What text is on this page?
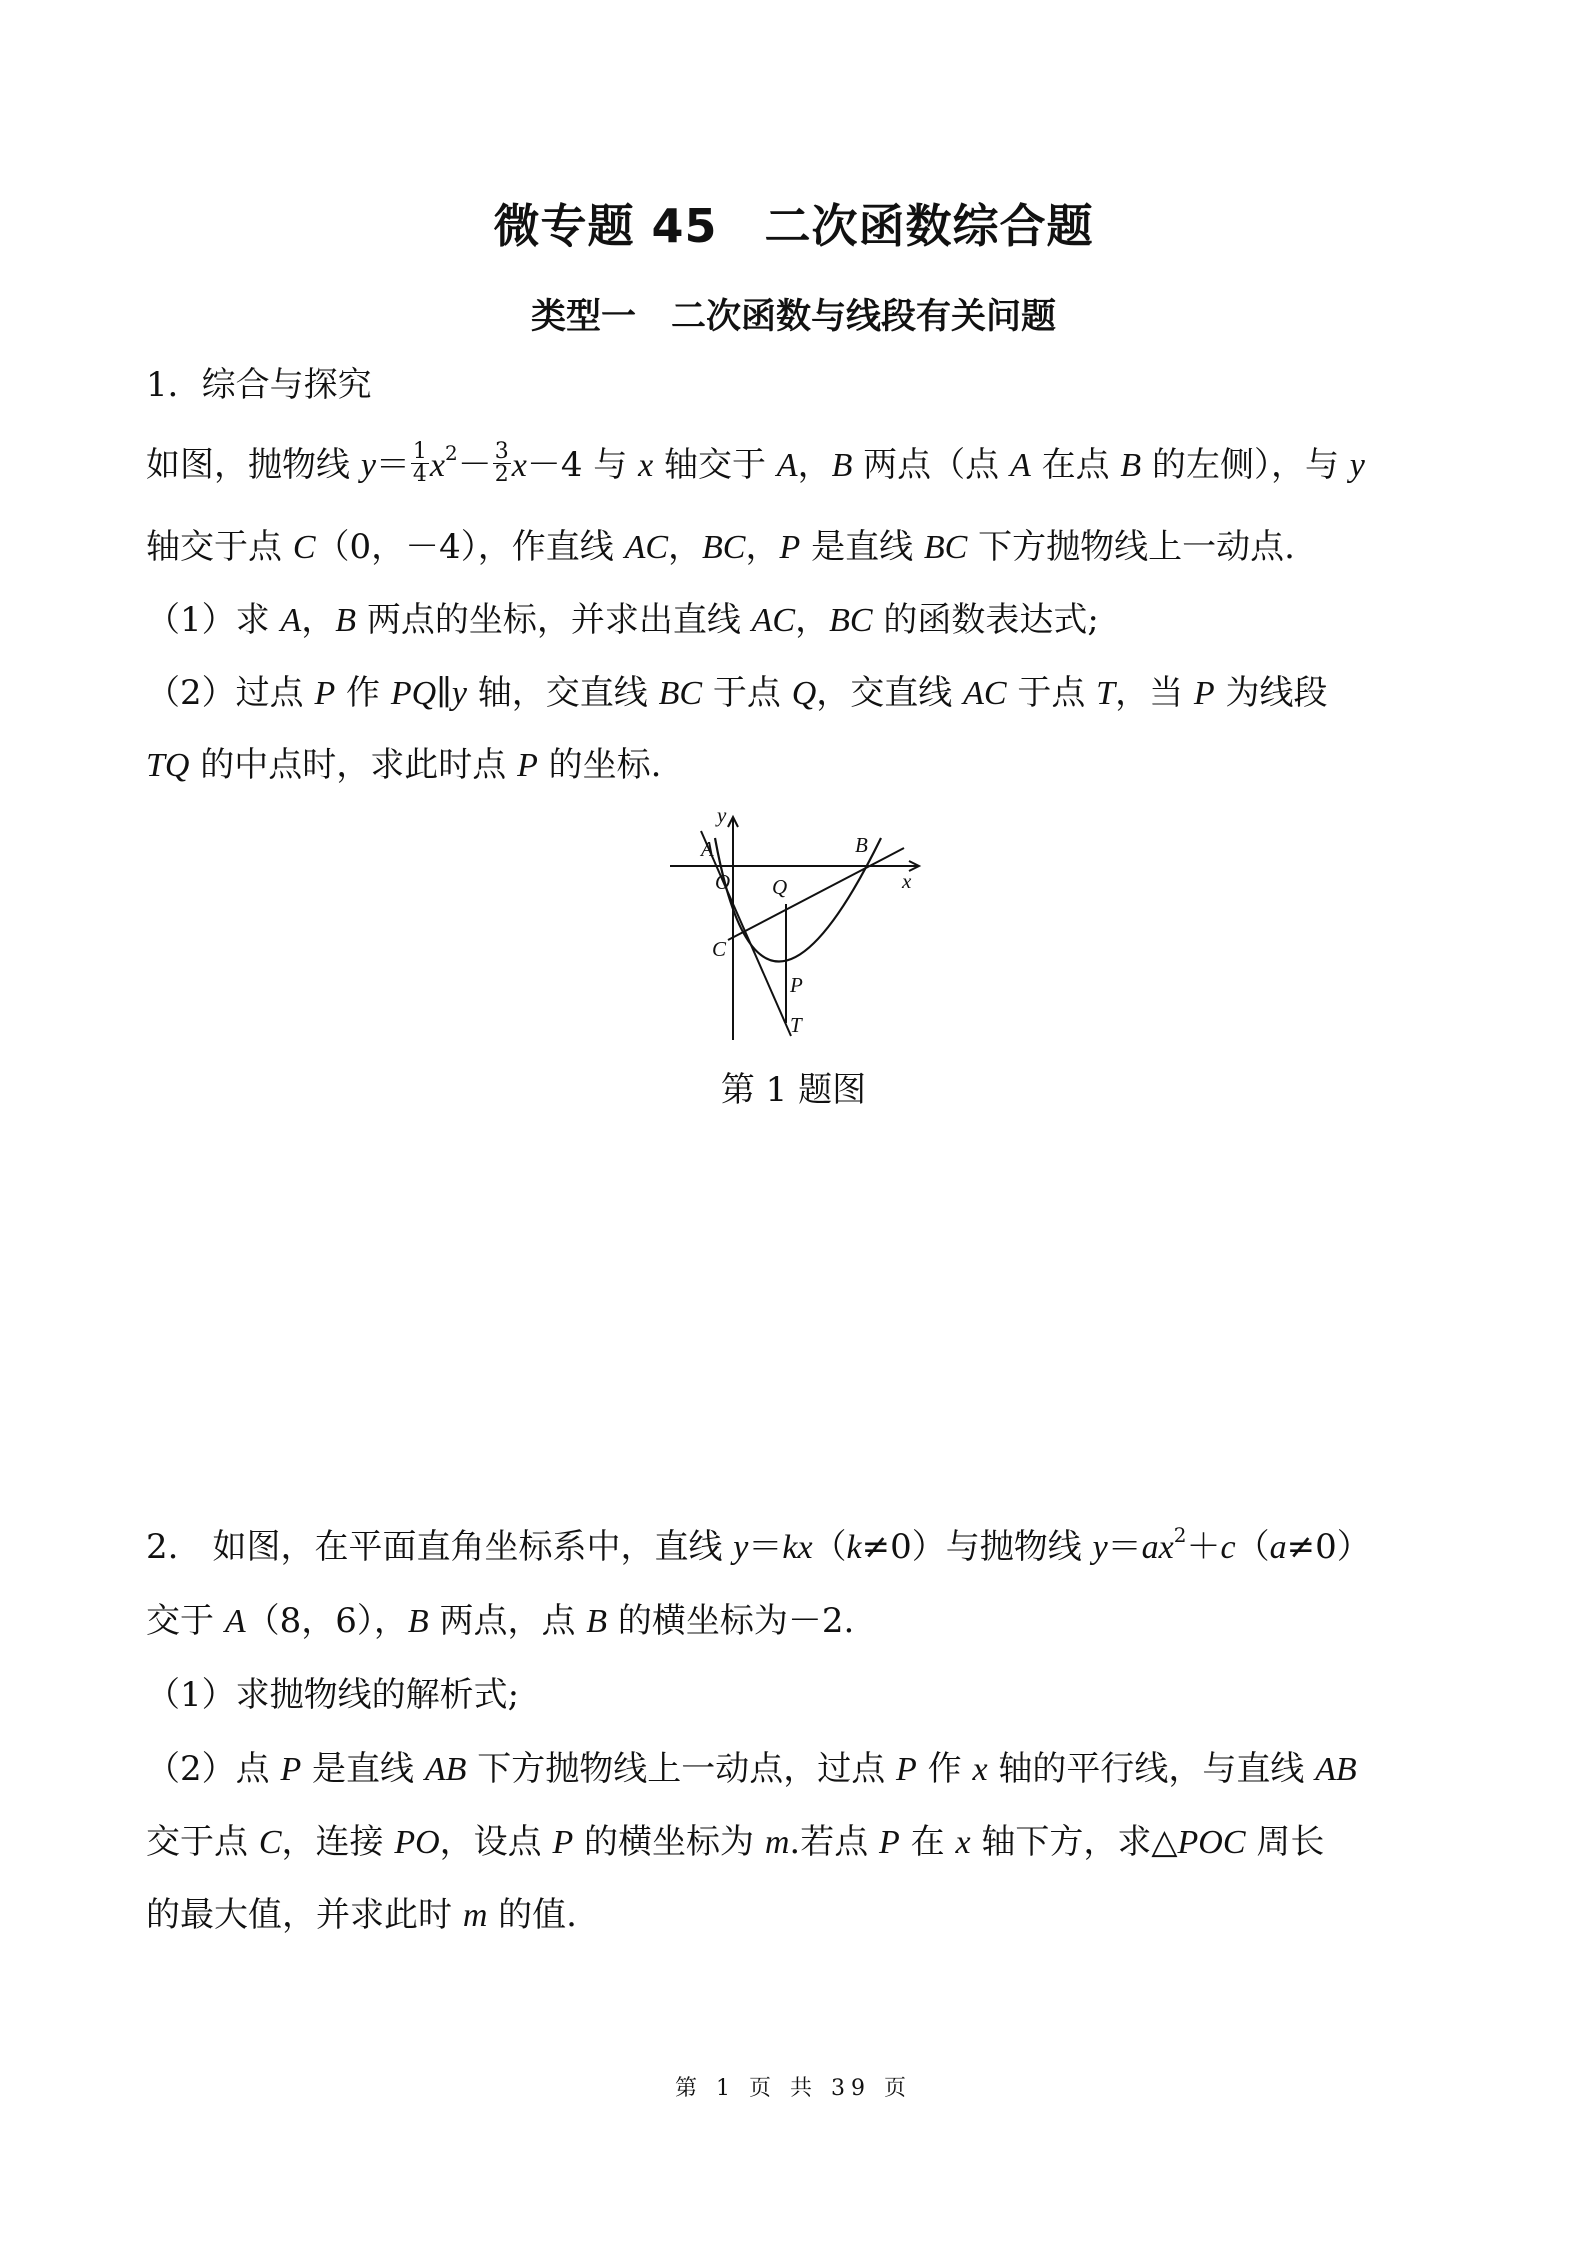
微专题 45　二次函数综合题
类型一　二次函数与线段有关问题
1．综合与探究
如图，抛物线 $y= \frac{1}{4} x^2- \frac{3}{2} x-4$ 与 x 轴交于 A，B 两点（点 A 在点 B 的左侧），与 y
轴交于点 C（0，－4），作直线 AC，BC，P 是直线 BC 下方抛物线上一动点.
（1）求 A，B 两点的坐标，并求出直线 AC，BC 的函数表达式;
（2）过点 P 作 PQ∥y 轴，交直线 BC 于点 Q，交直线 AC 于点 T，当 P 为线段
TQ 的中点时，求此时点 P 的坐标.
y
x
A
O
B
Q
C
P
T
第 1 题图
2. 如图，在平面直角坐标系中，直线 y＝kx（k≠0）与抛物线 $y=ax^2+c(a\ne 0)$
交于 A（8，6），B 两点，点 B 的横坐标为－2.
（1）求抛物线的解析式;
（2）点 P 是直线 AB 下方抛物线上一动点，过点 P 作 x 轴的平行线，与直线 AB
交于点 C，连接 PO，设点 P 的横坐标为 m.若点 P 在 x 轴下方，求△POC 周长
的最大值，并求此时 m 的值.
第 1 页 共 39 页
